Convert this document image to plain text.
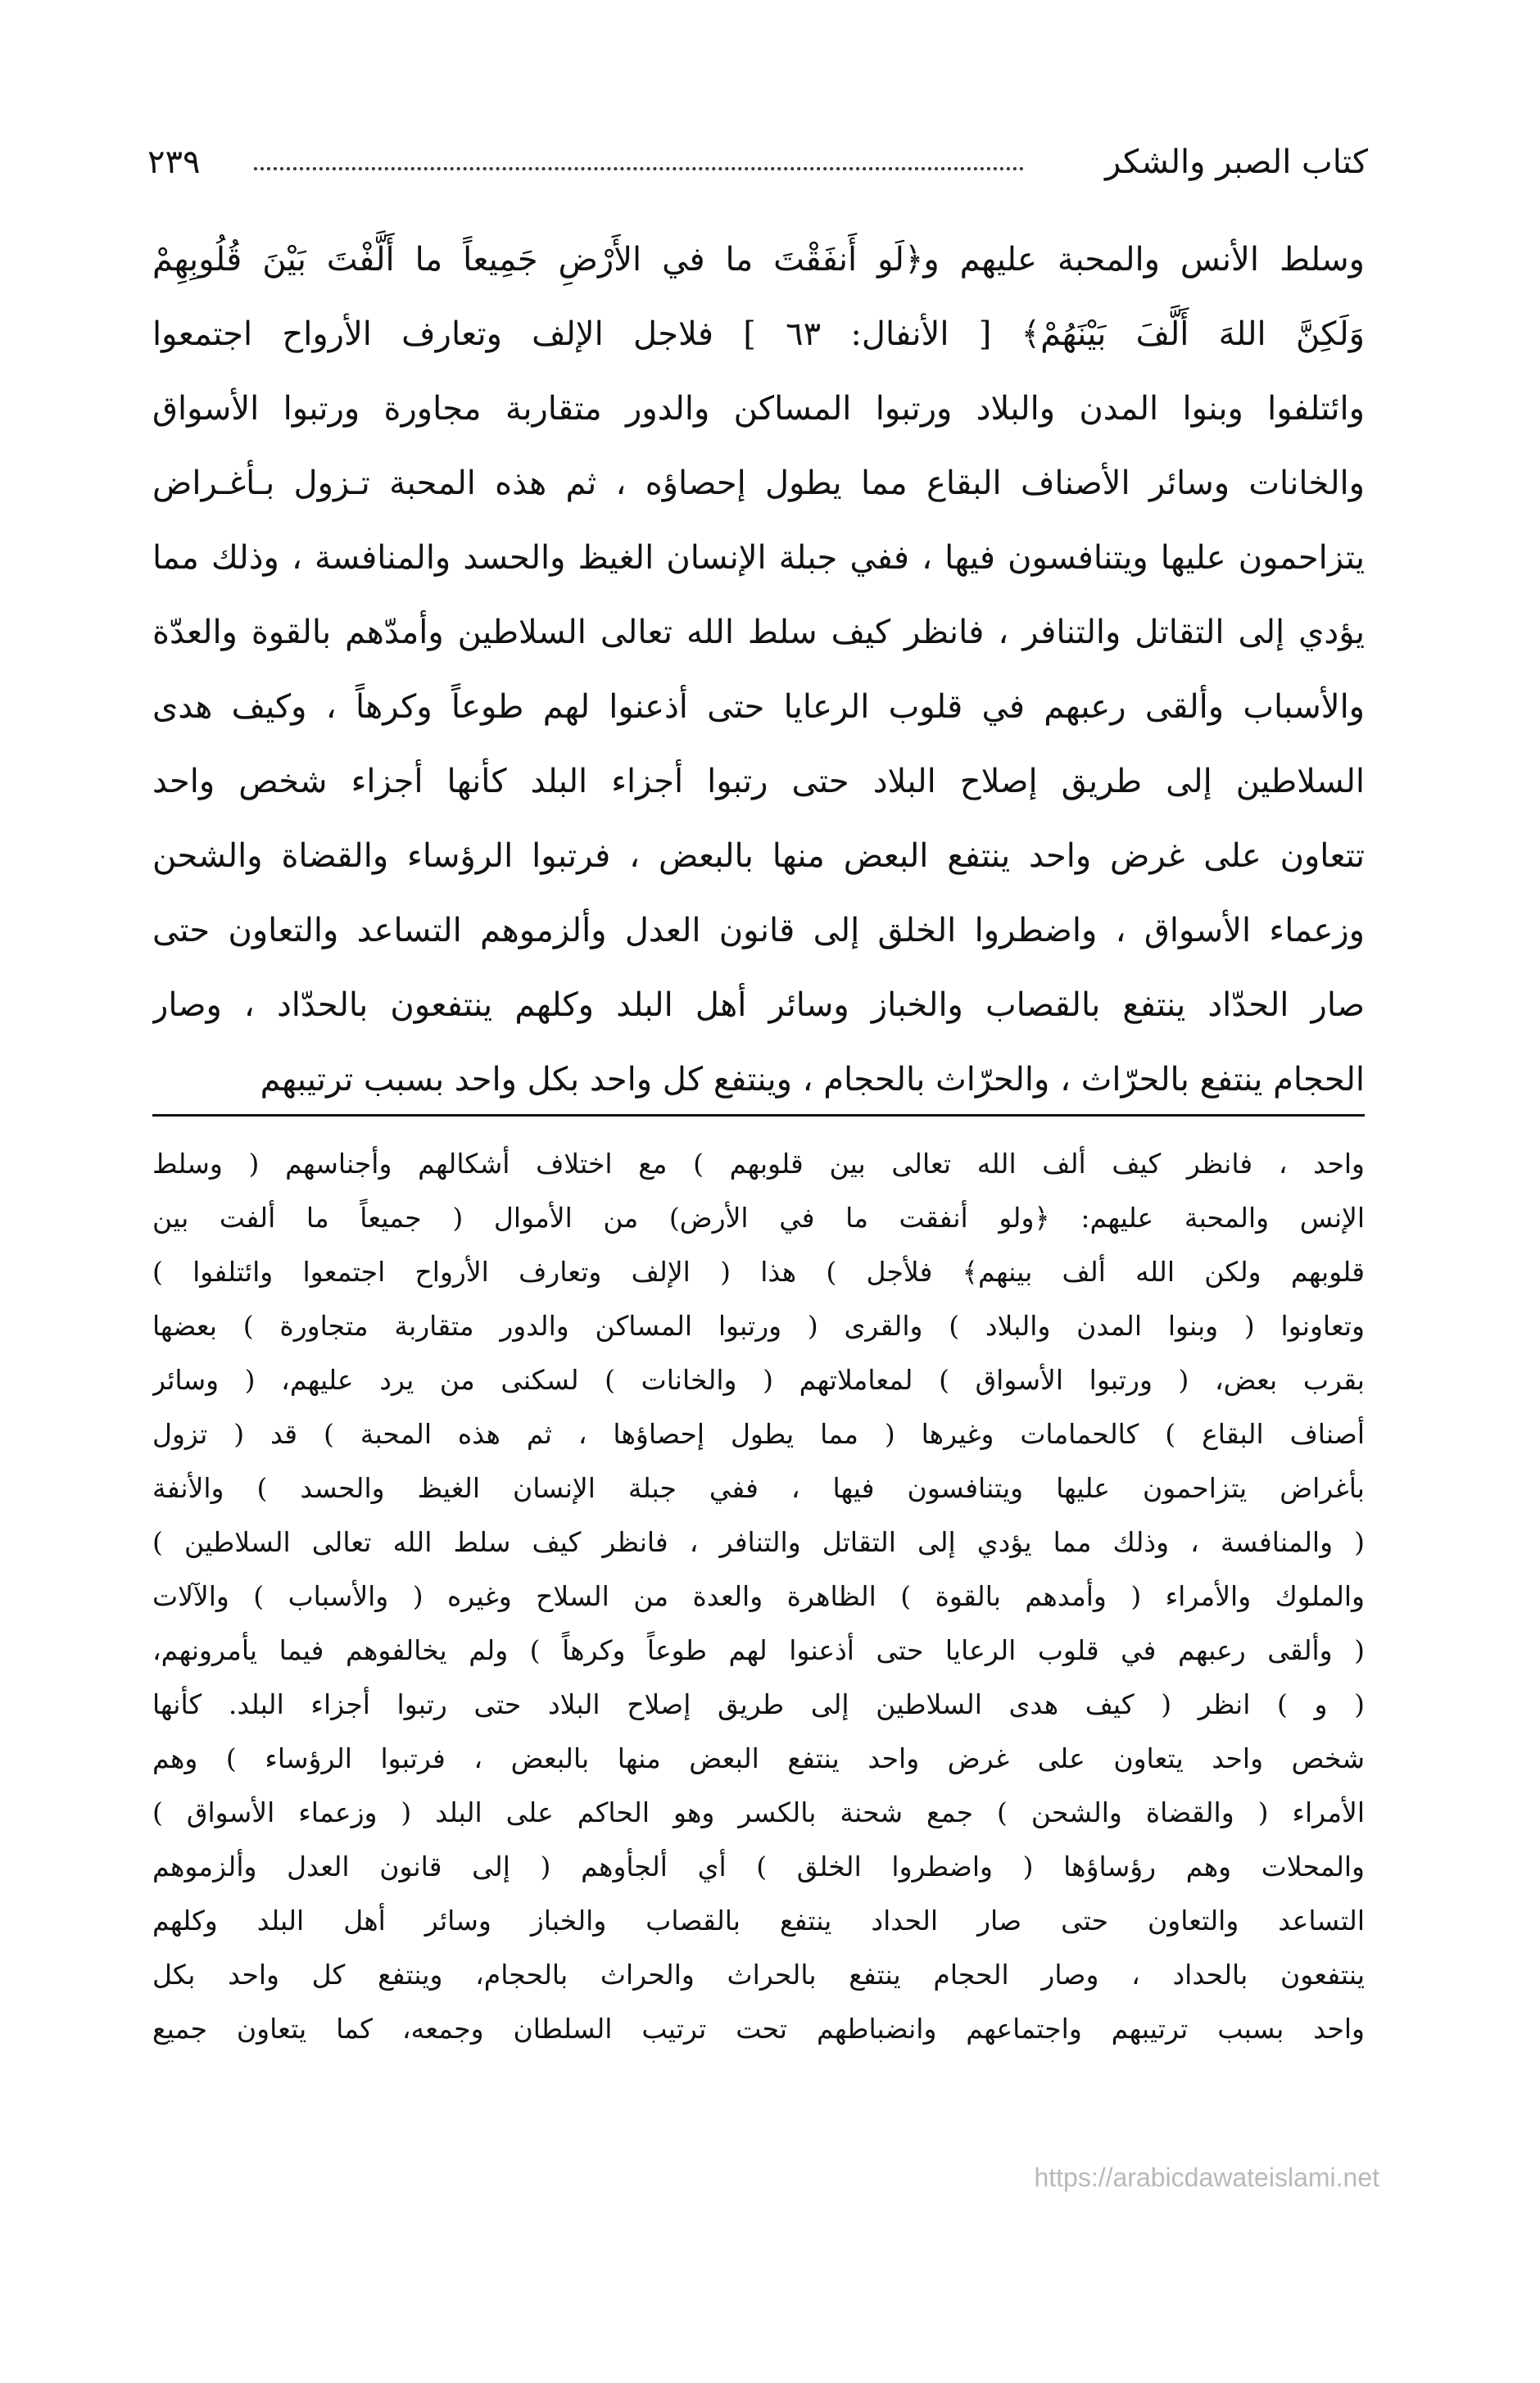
كتاب الصبر والشكر
٢٣٩
وسلط الأنس والمحبة عليهم و﴿لَو أَنفَقْتَ ما في الأَرْضِ جَمِيعاً ما أَلَّفْتَ بَيْنَ قُلُوبِهِمْ
وَلَكِنَّ اللهَ أَلَّفَ بَيْنَهُمْ﴾ [ الأنفال: ٦٣ ] فلاجل الإلف وتعارف الأرواح اجتمعوا
وائتلفوا وبنوا المدن والبلاد ورتبوا المساكن والدور متقاربة مجاورة ورتبوا الأسواق
والخانات وسائر الأصناف البقاع مما يطول إحصاؤه ، ثم هذه المحبة تـزول بـأغـراض
يتزاحمون عليها ويتنافسون فيها ، ففي جبلة الإنسان الغيظ والحسد والمنافسة ، وذلك مما
يؤدي إلى التقاتل والتنافر ، فانظر كيف سلط الله تعالى السلاطين وأمدّهم بالقوة والعدّة
والأسباب وألقى رعبهم في قلوب الرعايا حتى أذعنوا لهم طوعاً وكرهاً ، وكيف هدى
السلاطين إلى طريق إصلاح البلاد حتى رتبوا أجزاء البلد كأنها أجزاء شخص واحد
تتعاون على غرض واحد ينتفع البعض منها بالبعض ، فرتبوا الرؤساء والقضاة والشحن
وزعماء الأسواق ، واضطروا الخلق إلى قانون العدل وألزموهم التساعد والتعاون حتى
صار الحدّاد ينتفع بالقصاب والخباز وسائر أهل البلد وكلهم ينتفعون بالحدّاد ، وصار
الحجام ينتفع بالحرّاث ، والحرّاث بالحجام ، وينتفع كل واحد بكل واحد بسبب ترتيبهم
واحد ، فانظر كيف ألف الله تعالى بين قلوبهم ) مع اختلاف أشكالهم وأجناسهم ( وسلط
الإنس والمحبة عليهم: ﴿ولو أنفقت ما في الأرض) من الأموال ( جميعاً ما ألفت بين
قلوبهم ولكن الله ألف بينهم﴾ فلأجل ) هذا ( الإلف وتعارف الأرواح اجتمعوا وائتلفوا )
وتعاونوا ( وبنوا المدن والبلاد ) والقرى ( ورتبوا المساكن والدور متقاربة متجاورة ) بعضها
بقرب بعض، ( ورتبوا الأسواق ) لمعاملاتهم ( والخانات ) لسكنى من يرد عليهم، ( وسائر
أصناف البقاع ) كالحمامات وغيرها ( مما يطول إحصاؤها ، ثم هذه المحبة ) قد ( تزول
بأغراض يتزاحمون عليها ويتنافسون فيها ، ففي جبلة الإنسان الغيظ والحسد ) والأنفة
( والمنافسة ، وذلك مما يؤدي إلى التقاتل والتنافر ، فانظر كيف سلط الله تعالى السلاطين )
والملوك والأمراء ( وأمدهم بالقوة ) الظاهرة والعدة من السلاح وغيره ( والأسباب ) والآلات
( وألقى رعبهم في قلوب الرعايا حتى أذعنوا لهم طوعاً وكرهاً ) ولم يخالفوهم فيما يأمرونهم،
( و ) انظر ( كيف هدى السلاطين إلى طريق إصلاح البلاد حتى رتبوا أجزاء البلد. كأنها
شخص واحد يتعاون على غرض واحد ينتفع البعض منها بالبعض ، فرتبوا الرؤساء ) وهم
الأمراء ( والقضاة والشحن ) جمع شحنة بالكسر وهو الحاكم على البلد ( وزعماء الأسواق )
والمحلات وهم رؤساؤها ( واضطروا الخلق ) أي ألجأوهم ( إلى قانون العدل وألزموهم
التساعد والتعاون حتى صار الحداد ينتفع بالقصاب والخباز وسائر أهل البلد وكلهم
ينتفعون بالحداد ، وصار الحجام ينتفع بالحراث والحراث بالحجام، وينتفع كل واحد بكل
واحد بسبب ترتيبهم واجتماعهم وانضباطهم تحت ترتيب السلطان وجمعه، كما يتعاون جميع
https://arabicdawateislami.net
